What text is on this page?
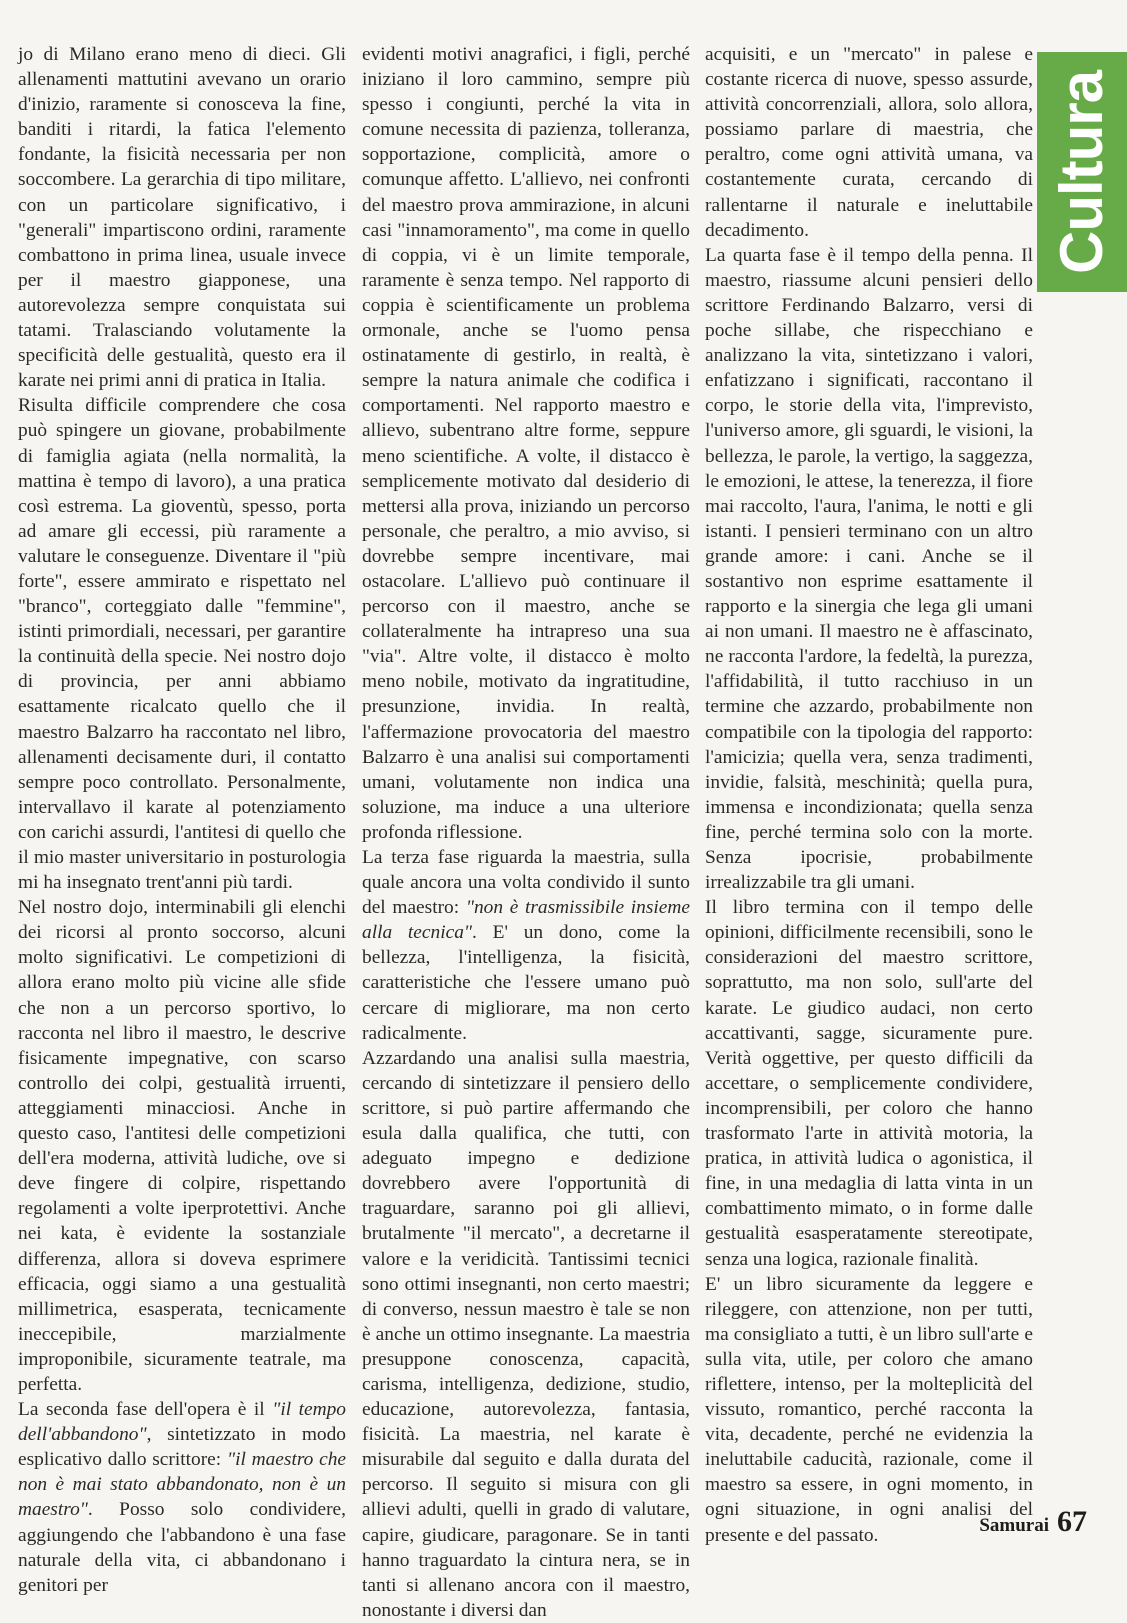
jo di Milano erano meno di dieci. Gli allenamenti mattutini avevano un orario d'inizio, raramente si conosceva la fine, banditi i ritardi, la fatica l'elemento fondante, la fisicità necessaria per non soccombere. La gerarchia di tipo militare, con un particolare significativo, i "generali" impartiscono ordini, raramente combattono in prima linea, usuale invece per il maestro giapponese, una autorevolezza sempre conquistata sui tatami. Tralasciando volutamente la specificità delle gestualità, questo era il karate nei primi anni di pratica in Italia.

Risulta difficile comprendere che cosa può spingere un giovane, probabilmente di famiglia agiata (nella normalità, la mattina è tempo di lavoro), a una pratica così estrema. La gioventù, spesso, porta ad amare gli eccessi, più raramente a valutare le conseguenze. Diventare il "più forte", essere ammirato e rispettato nel "branco", corteggiato dalle "femmine", istinti primordiali, necessari, per garantire la continuità della specie. Nei nostro dojo di provincia, per anni abbiamo esattamente ricalcato quello che il maestro Balzarro ha raccontato nel libro, allenamenti decisamente duri, il contatto sempre poco controllato. Personalmente, intervallavo il karate al potenziamento con carichi assurdi, l'antitesi di quello che il mio master universitario in posturologia mi ha insegnato trent'anni più tardi.

Nel nostro dojo, interminabili gli elenchi dei ricorsi al pronto soccorso, alcuni molto significativi. Le competizioni di allora erano molto più vicine alle sfide che non a un percorso sportivo, lo racconta nel libro il maestro, le descrive fisicamente impegnative, con scarso controllo dei colpi, gestualità irruenti, atteggiamenti minacciosi. Anche in questo caso, l'antitesi delle competizioni dell'era moderna, attività ludiche, ove si deve fingere di colpire, rispettando regolamenti a volte iperprotettivi. Anche nei kata, è evidente la sostanziale differenza, allora si doveva esprimere efficacia, oggi siamo a una gestualità millimetrica, esasperata, tecnicamente ineccepibile, marzialmente improponibile, sicuramente teatrale, ma perfetta.

La seconda fase dell'opera è il "il tempo dell'abbandono", sintetizzato in modo esplicativo dallo scrittore: "il maestro che non è mai stato abbandonato, non è un maestro". Posso solo condividere, aggiungendo che l'abbandono è una fase naturale della vita, ci abbandonano i genitori per

evidenti motivi anagrafici, i figli, perché iniziano il loro cammino, sempre più spesso i congiunti, perché la vita in comune necessita di pazienza, tolleranza, sopportazione, complicità, amore o comunque affetto. L'allievo, nei confronti del maestro prova ammirazione, in alcuni casi "innamoramento", ma come in quello di coppia, vi è un limite temporale, raramente è senza tempo. Nel rapporto di coppia è scientificamente un problema ormonale, anche se l'uomo pensa ostinatamente di gestirlo, in realtà, è sempre la natura animale che codifica i comportamenti. Nel rapporto maestro e allievo, subentrano altre forme, seppure meno scientifiche. A volte, il distacco è semplicemente motivato dal desiderio di mettersi alla prova, iniziando un percorso personale, che peraltro, a mio avviso, si dovrebbe sempre incentivare, mai ostacolare. L'allievo può continuare il percorso con il maestro, anche se collateralmente ha intrapreso una sua "via". Altre volte, il distacco è molto meno nobile, motivato da ingratitudine, presunzione, invidia. In realtà, l'affermazione provocatoria del maestro Balzarro è una analisi sui comportamenti umani, volutamente non indica una soluzione, ma induce a una ulteriore profonda riflessione.

La terza fase riguarda la maestria, sulla quale ancora una volta condivido il sunto del maestro: "non è trasmissibile insieme alla tecnica". E' un dono, come la bellezza, l'intelligenza, la fisicità, caratteristiche che l'essere umano può cercare di migliorare, ma non certo radicalmente.

Azzardando una analisi sulla maestria, cercando di sintetizzare il pensiero dello scrittore, si può partire affermando che esula dalla qualifica, che tutti, con adeguato impegno e dedizione dovrebbero avere l'opportunità di traguardare, saranno poi gli allievi, brutalmente "il mercato", a decretarne il valore e la veridicità. Tantissimi tecnici sono ottimi insegnanti, non certo maestri; di converso, nessun maestro è tale se non è anche un ottimo insegnante. La maestria presuppone conoscenza, capacità, carisma, intelligenza, dedizione, studio, educazione, autorevolezza, fantasia, fisicità. La maestria, nel karate è misurabile dal seguito e dalla durata del percorso. Il seguito si misura con gli allievi adulti, quelli in grado di valutare, capire, giudicare, paragonare. Se in tanti hanno traguardato la cintura nera, se in tanti si allenano ancora con il maestro, nonostante i diversi dan

acquisiti, e un "mercato" in palese e costante ricerca di nuove, spesso assurde, attività concorrenziali, allora, solo allora, possiamo parlare di maestria, che peraltro, come ogni attività umana, va costantemente curata, cercando di rallentarne il naturale e ineluttabile decadimento.

La quarta fase è il tempo della penna. Il maestro, riassume alcuni pensieri dello scrittore Ferdinando Balzarro, versi di poche sillabe, che rispecchiano e analizzano la vita, sintetizzano i valori, enfatizzano i significati, raccontano il corpo, le storie della vita, l'imprevisto, l'universo amore, gli sguardi, le visioni, la bellezza, le parole, la vertigo, la saggezza, le emozioni, le attese, la tenerezza, il fiore mai raccolto, l'aura, l'anima, le notti e gli istanti. I pensieri terminano con un altro grande amore: i cani. Anche se il sostantivo non esprime esattamente il rapporto e la sinergia che lega gli umani ai non umani. Il maestro ne è affascinato, ne racconta l'ardore, la fedeltà, la purezza, l'affidabilità, il tutto racchiuso in un termine che azzardo, probabilmente non compatibile con la tipologia del rapporto: l'amicizia; quella vera, senza tradimenti, invidie, falsità, meschinità; quella pura, immensa e incondizionata; quella senza fine, perché termina solo con la morte. Senza ipocrisie, probabilmente irrealizzabile tra gli umani.

Il libro termina con il tempo delle opinioni, difficilmente recensibili, sono le considerazioni del maestro scrittore, soprattutto, ma non solo, sull'arte del karate. Le giudico audaci, non certo accattivanti, sagge, sicuramente pure. Verità oggettive, per questo difficili da accettare, o semplicemente condividere, incomprensibili, per coloro che hanno trasformato l'arte in attività motoria, la pratica, in attività ludica o agonistica, il fine, in una medaglia di latta vinta in un combattimento mimato, o in forme dalle gestualità esasperatamente stereotipate, senza una logica, razionale finalità.

E' un libro sicuramente da leggere e rileggere, con attenzione, non per tutti, ma consigliato a tutti, è un libro sull'arte e sulla vita, utile, per coloro che amano riflettere, intenso, per la molteplicità del vissuto, romantico, perché racconta la vita, decadente, perché ne evidenzia la ineluttabile caducità, razionale, come il maestro sa essere, in ogni momento, in ogni situazione, in ogni analisi del presente e del passato.

Cultura
Samurai 67
